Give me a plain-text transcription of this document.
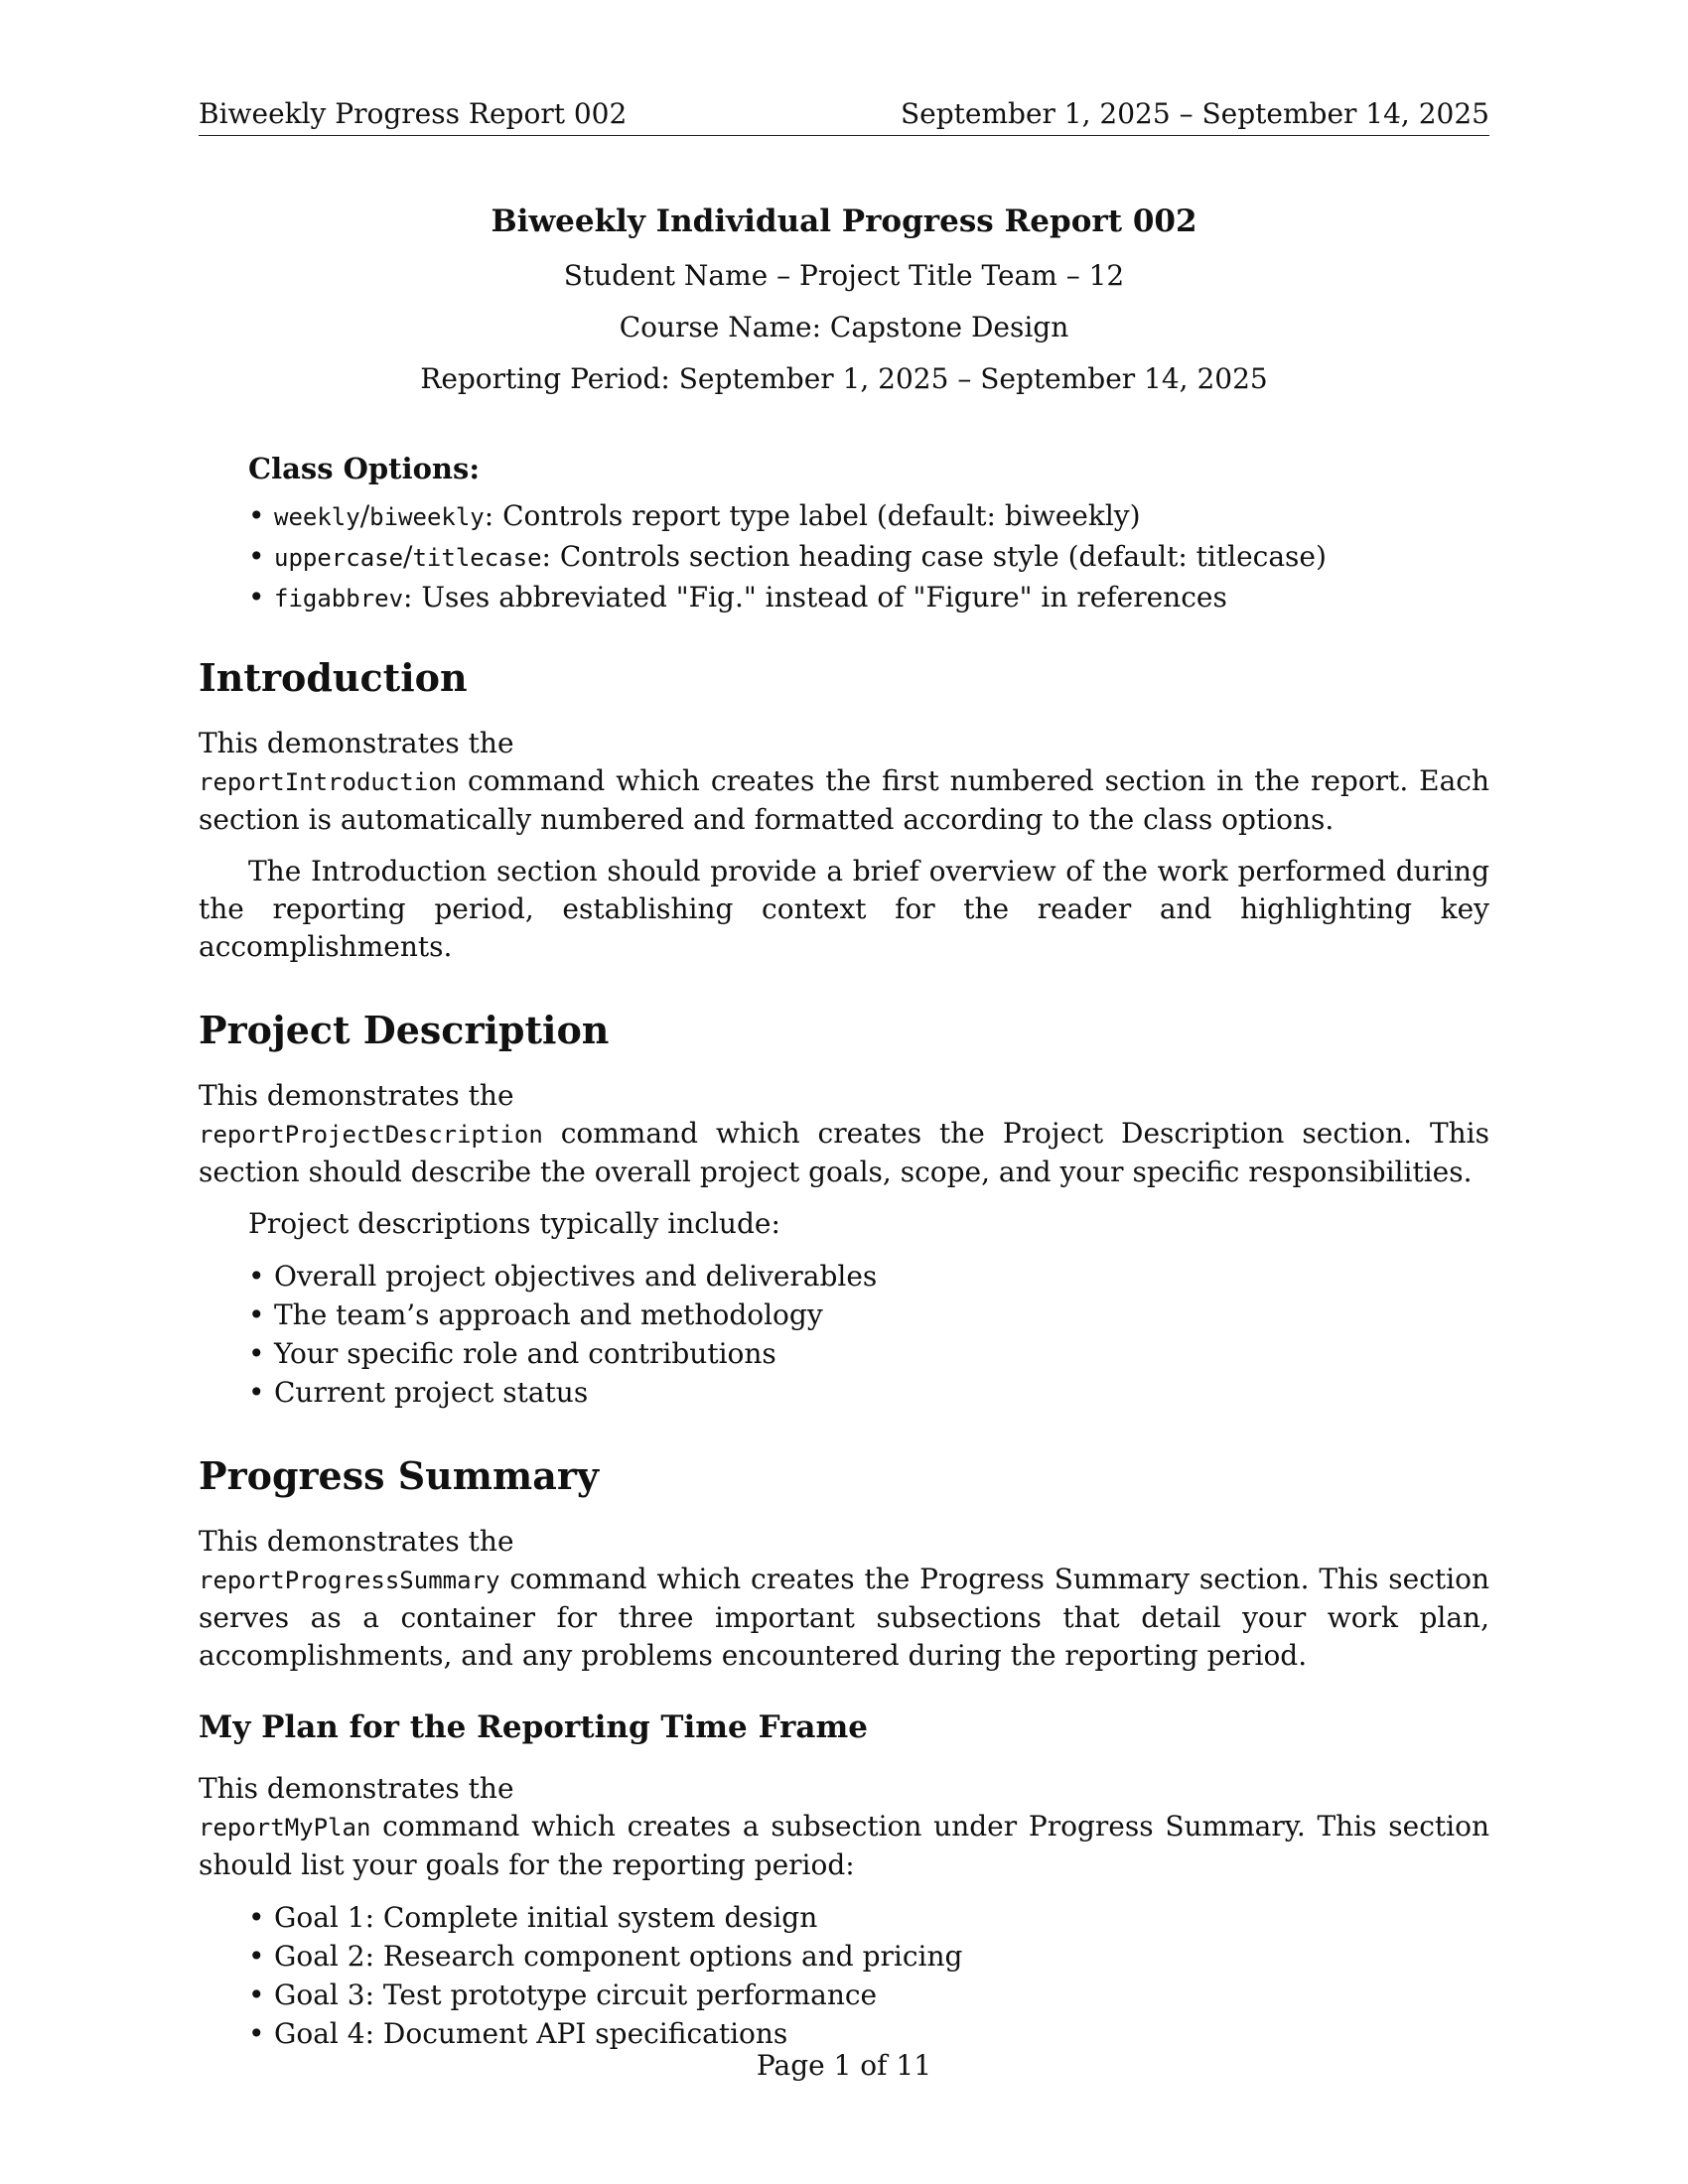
Biweekly Progress Report 002	September 1, 2025 – September 14, 2025

Biweekly Individual Progress Report 002

Student Name – Project Title Team – 12

Course Name: Capstone Design

Reporting Period: September 1, 2025 – September 14, 2025

Class Options:

• weekly/biweekly: Controls report type label (default: biweekly)
• uppercase/titlecase: Controls section heading case style (default: titlecase)
• figabbrev: Uses abbreviated "Fig." instead of "Figure" in references
Introduction

This demonstrates the

reportIntroduction command which creates the first numbered section in the report. Each section is automatically numbered and formatted according to the class options.

The Introduction section should provide a brief overview of the work performed during the reporting period, establishing context for the reader and highlighting key accomplishments.

Project Description

This demonstrates the

reportProjectDescription command which creates the Project Description section. This section should describe the overall project goals, scope, and your specific responsibilities.

Project descriptions typically include:

• Overall project objectives and deliverables
• The team’s approach and methodology
• Your specific role and contributions
• Current project status
Progress Summary

This demonstrates the

reportProgressSummary command which creates the Progress Summary section. This section serves as a container for three important subsections that detail your work plan, accomplishments, and any problems encountered during the reporting period.

My Plan for the Reporting Time Frame

This demonstrates the

reportMyPlan command which creates a subsection under Progress Summary. This section should list your goals for the reporting period:

• Goal 1: Complete initial system design
• Goal 2: Research component options and pricing
• Goal 3: Test prototype circuit performance
• Goal 4: Document API specifications
Page 1 of 11
